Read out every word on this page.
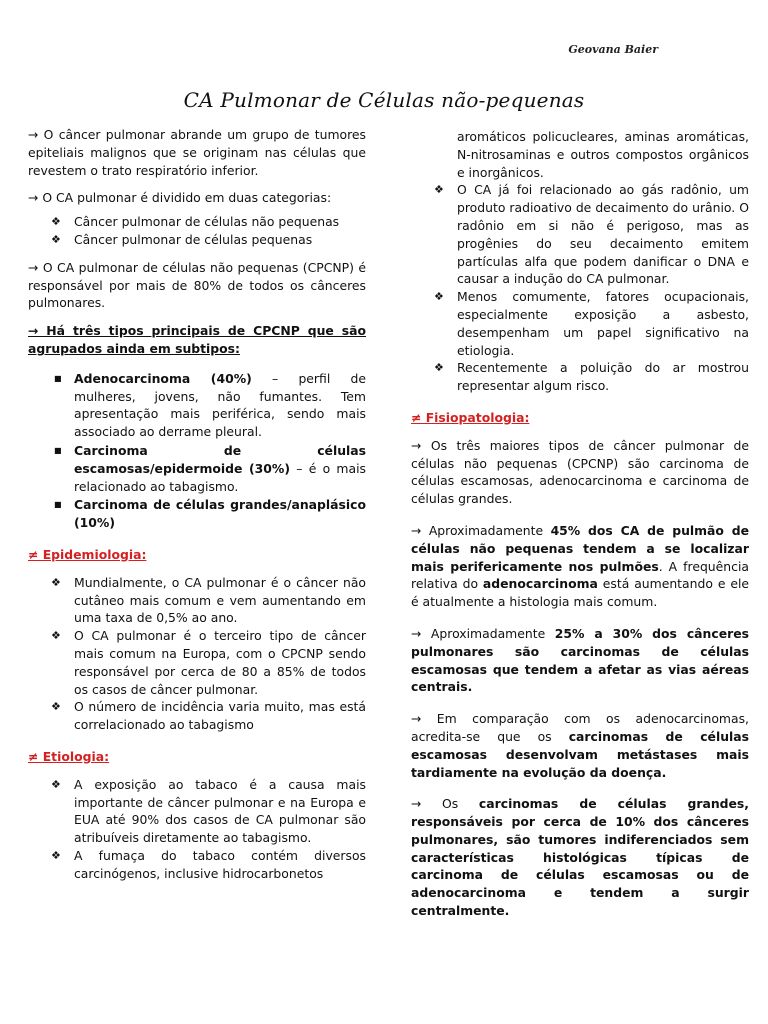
Geovana Baier
CA Pulmonar de Células não-pequenas

→ O câncer pulmonar abrande um grupo de tumores epiteliais malignos que se originam nas células que revestem o trato respiratório inferior.

→ O CA pulmonar é dividido em duas categorias:

❖ Câncer pulmonar de células não pequenas
❖ Câncer pulmonar de células pequenas

→ O CA pulmonar de células não pequenas (CPCNP) é responsável por mais de 80% de todos os cânceres pulmonares.

→ Há três tipos principais de CPCNP que são agrupados ainda em subtipos:

■ Adenocarcinoma (40%) – perfil de mulheres, jovens, não fumantes. Tem apresentação mais periférica, sendo mais associado ao derrame pleural.
■ Carcinoma de células escamosas/epidermoide (30%) – é o mais relacionado ao tabagismo.
■ Carcinoma de células grandes/anaplásico (10%)

≠ Epidemiologia:

❖ Mundialmente, o CA pulmonar é o câncer não cutâneo mais comum e vem aumentando em uma taxa de 0,5% ao ano.
❖ O CA pulmonar é o terceiro tipo de câncer mais comum na Europa, com o CPCNP sendo responsável por cerca de 80 a 85% de todos os casos de câncer pulmonar.
❖ O número de incidência varia muito, mas está correlacionado ao tabagismo

≠ Etiologia:

❖ A exposição ao tabaco é a causa mais importante de câncer pulmonar e na Europa e EUA até 90% dos casos de CA pulmonar são atribuíveis diretamente ao tabagismo.
❖ A fumaça do tabaco contém diversos carcinógenos, inclusive hidrocarbonetos

aromáticos policucleares, aminas aromáticas, N-nitrosaminas e outros compostos orgânicos e inorgânicos.

❖ O CA já foi relacionado ao gás radônio, um produto radioativo de decaimento do urânio. O radônio em si não é perigoso, mas as progênies do seu decaimento emitem partículas alfa que podem danificar o DNA e causar a indução do CA pulmonar.
❖ Menos comumente, fatores ocupacionais, especialmente exposição a asbesto, desempenham um papel significativo na etiologia.
❖ Recentemente a poluição do ar mostrou representar algum risco.

≠ Fisiopatologia:

→ Os três maiores tipos de câncer pulmonar de células não pequenas (CPCNP) são carcinoma de células escamosas, adenocarcinoma e carcinoma de células grandes.

→ Aproximadamente 45% dos CA de pulmão de células não pequenas tendem a se localizar mais perifericamente nos pulmões. A frequência relativa do adenocarcinoma está aumentando e ele é atualmente a histologia mais comum.

→ Aproximadamente 25% a 30% dos cânceres pulmonares são carcinomas de células escamosas que tendem a afetar as vias aéreas centrais.

→ Em comparação com os adenocarcinomas, acredita-se que os carcinomas de células escamosas desenvolvam metástases mais tardiamente na evolução da doença.

→ Os carcinomas de células grandes, responsáveis por cerca de 10% dos cânceres pulmonares, são tumores indiferenciados sem características histológicas típicas de carcinoma de células escamosas ou de adenocarcinoma e tendem a surgir centralmente.
